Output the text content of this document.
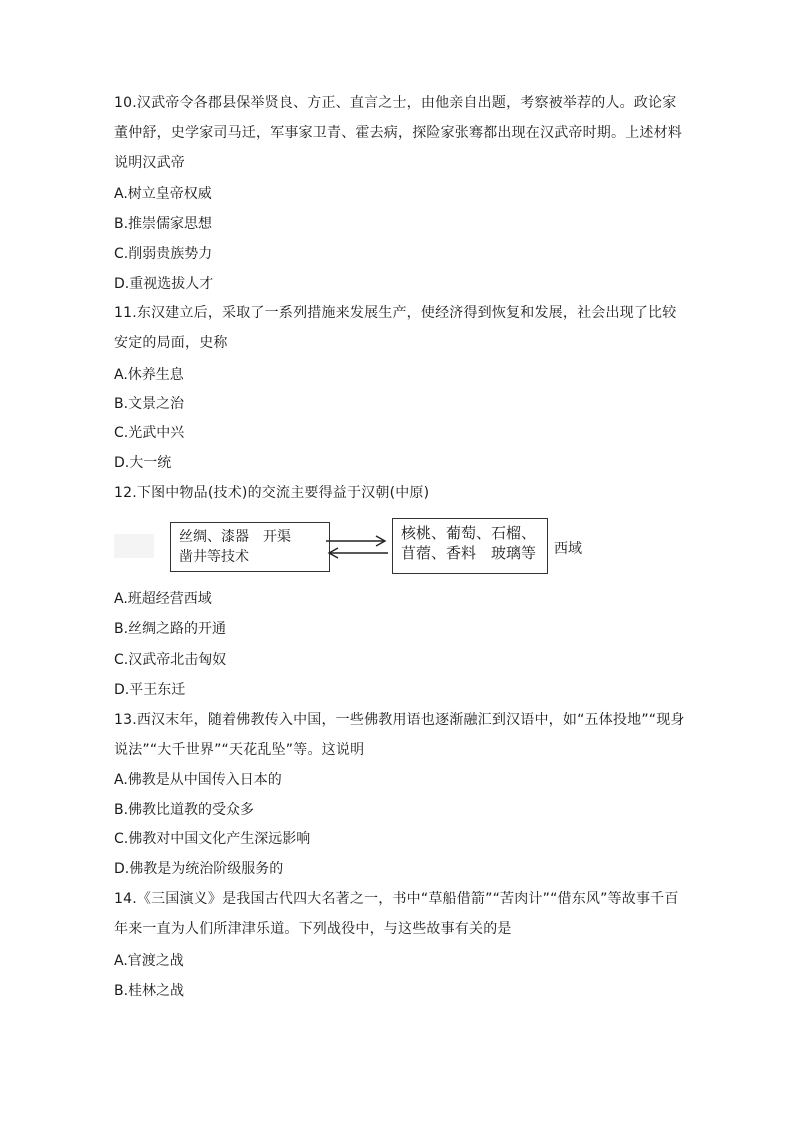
10.汉武帝令各郡县保举贤良、方正、直言之士，由他亲自出题，考察被举荐的人。政论家董仲舒，史学家司马迁，军事家卫青、霍去病，探险家张骞都出现在汉武帝时期。上述材料说明汉武帝
A.树立皇帝权威
B.推崇儒家思想
C.削弱贵族势力
D.重视选拔人才
11.东汉建立后，采取了一系列措施来发展生产，使经济得到恢复和发展，社会出现了比较安定的局面，史称
A.休养生息
B.文景之治
C.光武中兴
D.大一统
12.下图中物品(技术)的交流主要得益于汉朝(中原)
丝绸、漆器　开渠
凿井等技术
核桃、葡萄、石榴、
苜蓿、香料　玻璃等 西域
A.班超经营西域
B.丝绸之路的开通
C.汉武帝北击匈奴
D.平王东迁
13.西汉末年，随着佛教传入中国，一些佛教用语也逐渐融汇到汉语中，如“五体投地”“现身说法”“大千世界”“天花乱坠”等。这说明
A.佛教是从中国传入日本的
B.佛教比道教的受众多
C.佛教对中国文化产生深远影响
D.佛教是为统治阶级服务的
14.《三国演义》是我国古代四大名著之一，书中“草船借箭”“苦肉计”“借东风”等故事千百年来一直为人们所津津乐道。下列战役中，与这些故事有关的是
A.官渡之战
B.桂林之战
